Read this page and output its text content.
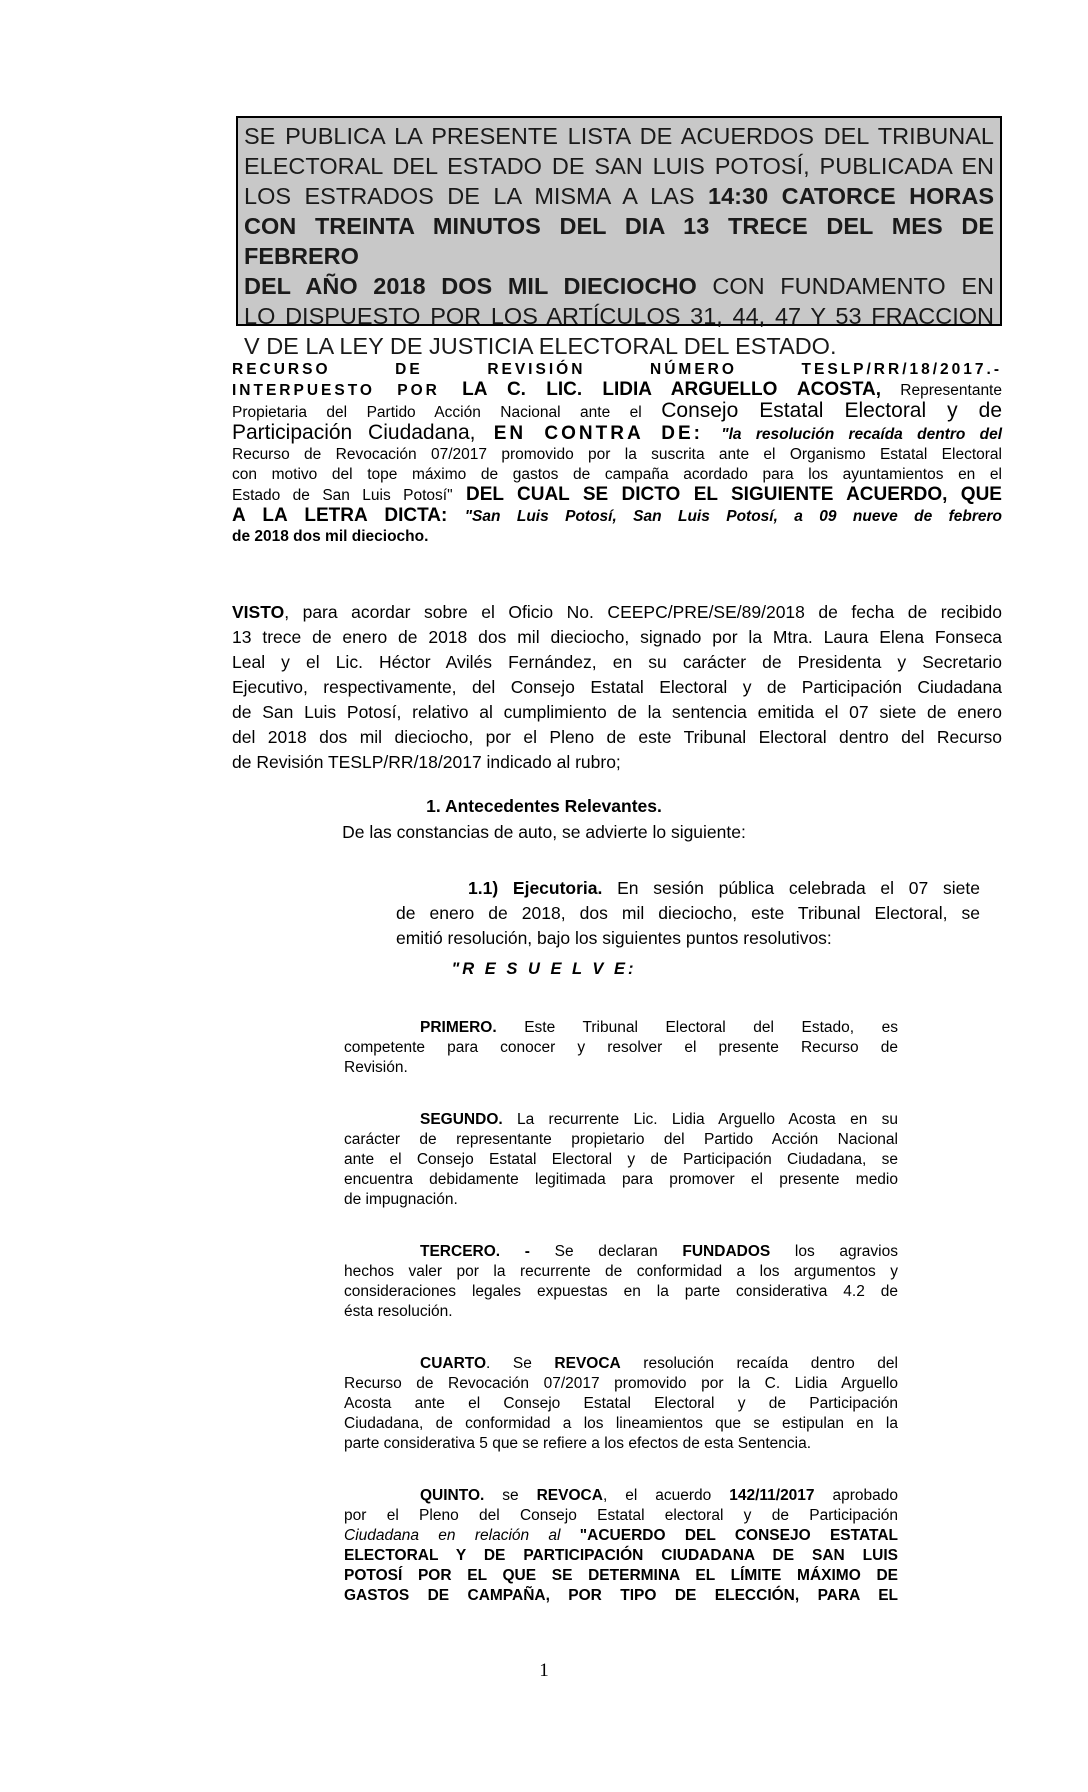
SE PUBLICA LA PRESENTE LISTA DE ACUERDOS DEL TRIBUNAL
ELECTORAL DEL ESTADO DE SAN LUIS POTOSÍ, PUBLICADA EN
LOS ESTRADOS DE LA MISMA A LAS 14:30 CATORCE HORAS
CON TREINTA MINUTOS DEL DIA 13 TRECE DEL MES DE FEBRERO
DEL AÑO 2018 DOS MIL DIECIOCHO CON FUNDAMENTO EN
LO DISPUESTO POR LOS ARTÍCULOS 31, 44, 47 Y 53 FRACCION
V DE LA LEY DE JUSTICIA ELECTORAL DEL ESTADO.
RECURSO DE REVISIÓN NÚMERO TESLP/RR/18/2017.-
INTERPUESTO POR LA C. LIC. LIDIA ARGUELLO ACOSTA, Representante
Propietaria del Partido Acción Nacional ante el Consejo Estatal Electoral y de
Participación Ciudadana, EN CONTRA DE: "la resolución recaída dentro del
Recurso de Revocación 07/2017 promovido por la suscrita ante el Organismo Estatal Electoral
con motivo del tope máximo de gastos de campaña acordado para los ayuntamientos en el
Estado de San Luis Potosí" DEL CUAL SE DICTO EL SIGUIENTE ACUERDO, QUE
A LA LETRA DICTA: "San Luis Potosí, San Luis Potosí, a 09 nueve de febrero
de 2018 dos mil dieciocho.
VISTO, para acordar sobre el Oficio No. CEEPC/PRE/SE/89/2018 de fecha de recibido
13 trece de enero de 2018 dos mil dieciocho, signado por la Mtra. Laura Elena Fonseca
Leal y el Lic. Héctor Avilés Fernández, en su carácter de Presidenta y Secretario
Ejecutivo, respectivamente, del Consejo Estatal Electoral y de Participación Ciudadana
de San Luis Potosí, relativo al cumplimiento de la sentencia emitida el 07 siete de enero
del 2018 dos mil dieciocho, por el Pleno de este Tribunal Electoral dentro del Recurso
de Revisión TESLP/RR/18/2017 indicado al rubro;
1. Antecedentes Relevantes.
De las constancias de auto, se advierte lo siguiente:
1.1) Ejecutoria. En sesión pública celebrada el 07 siete
de enero de 2018, dos mil dieciocho, este Tribunal Electoral, se
emitió resolución, bajo los siguientes puntos resolutivos:
"R E S U E L V E:
PRIMERO. Este Tribunal Electoral del Estado, es
competente para conocer y resolver el presente Recurso de
Revisión.
SEGUNDO. La recurrente Lic. Lidia Arguello Acosta en su
carácter de representante propietario del Partido Acción Nacional
ante el Consejo Estatal Electoral y de Participación Ciudadana, se
encuentra debidamente legitimada para promover el presente medio
de impugnación.
TERCERO. - Se declaran FUNDADOS los agravios
hechos valer por la recurrente de conformidad a los argumentos y
consideraciones legales expuestas en la parte considerativa 4.2 de
ésta resolución.
CUARTO. Se REVOCA resolución recaída dentro del
Recurso de Revocación 07/2017 promovido por la C. Lidia Arguello
Acosta ante el Consejo Estatal Electoral y de Participación
Ciudadana, de conformidad a los lineamientos que se estipulan en la
parte considerativa 5 que se refiere a los efectos de esta Sentencia.
QUINTO. se REVOCA, el acuerdo 142/11/2017 aprobado
por el Pleno del Consejo Estatal electoral y de Participación
Ciudadana en relación al "ACUERDO DEL CONSEJO ESTATAL
ELECTORAL Y DE PARTICIPACIÓN CIUDADANA DE SAN LUIS
POTOSÍ POR EL QUE SE DETERMINA EL LÍMITE MÁXIMO DE
GASTOS DE CAMPAÑA, POR TIPO DE ELECCIÓN, PARA EL
1
